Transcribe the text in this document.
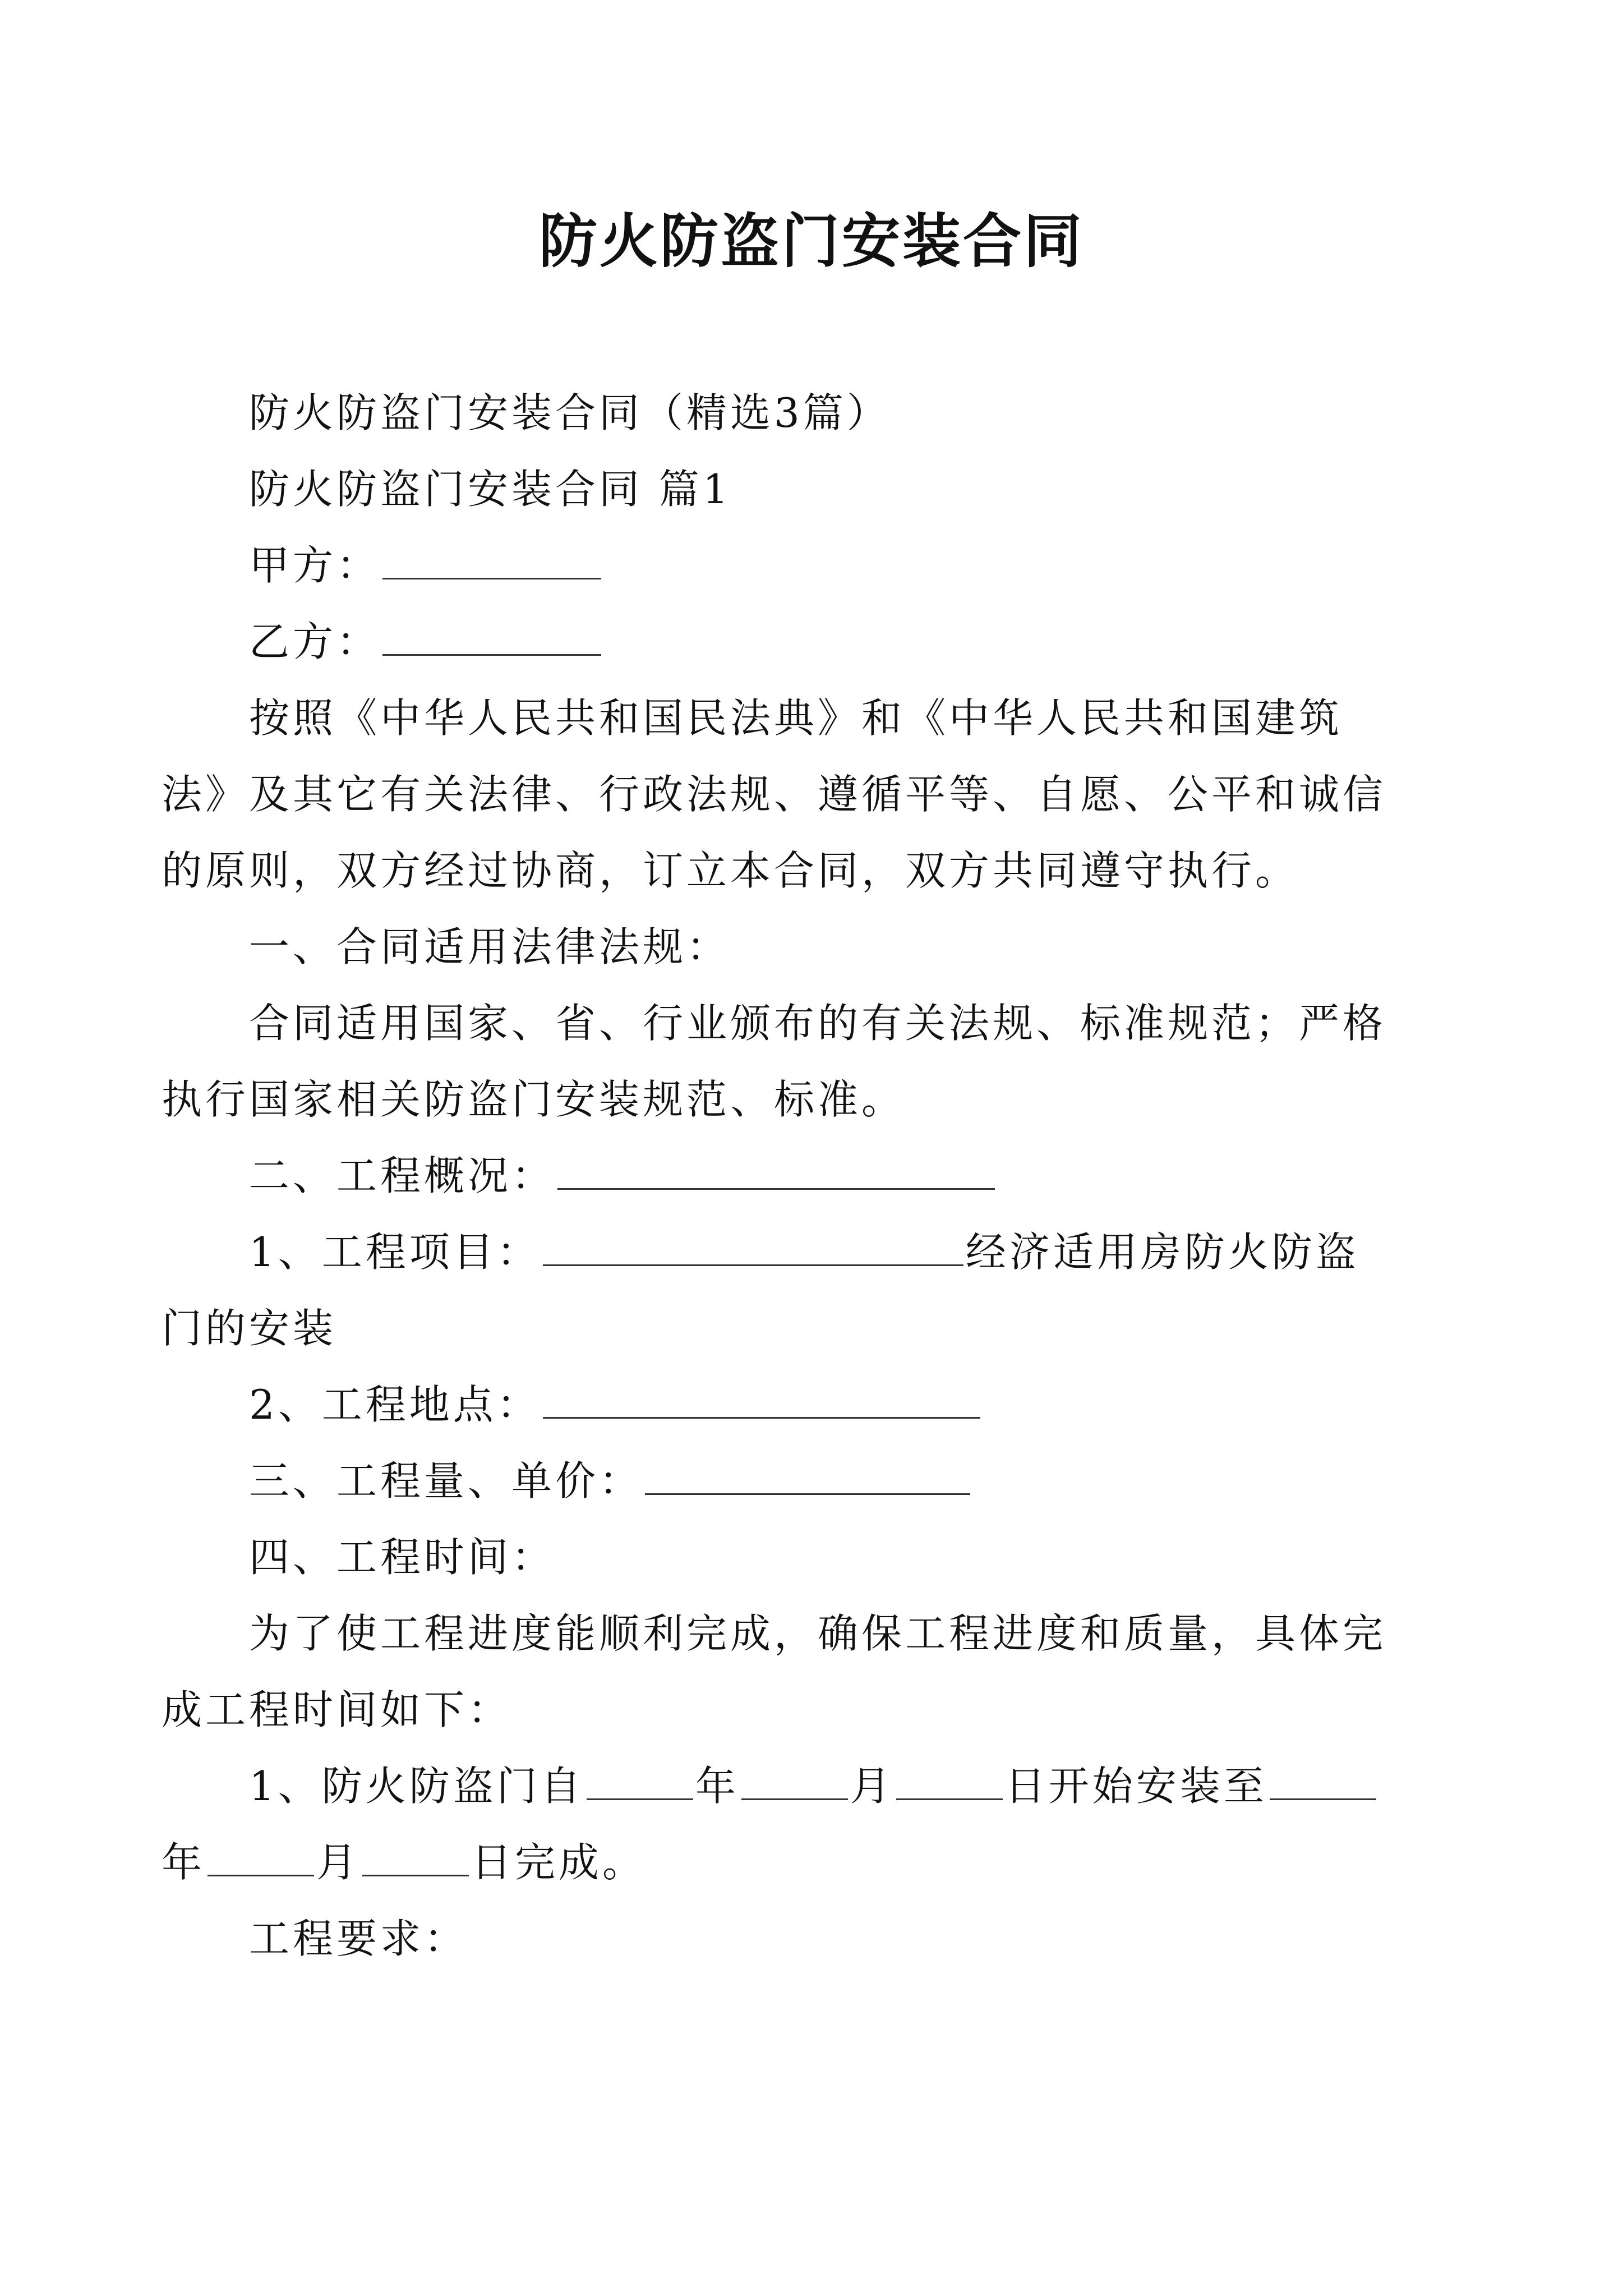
防火防盗门安装合同

防火防盗门安装合同（精选3篇）

防火防盗门安装合同 篇1

甲方：

乙方：

按照《中华人民共和国民法典》和《中华人民共和国建筑法》及其它有关法律、行政法规、遵循平等、自愿、公平和诚信的原则，双方经过协商，订立本合同，双方共同遵守执行。

一、合同适用法律法规：

合同适用国家、省、行业颁布的有关法规、标准规范；严格执行国家相关防盗门安装规范、标准。

二、工程概况：

1、工程项目：	经济适用房防火防盗门的安装

2、工程地点：

三、工程量、单价：

四、工程时间：

为了使工程进度能顺利完成，确保工程进度和质量，具体完成工程时间如下：

1、防火防盗门自	年	月	日开始安装至年	月	日完成。

工程要求：
